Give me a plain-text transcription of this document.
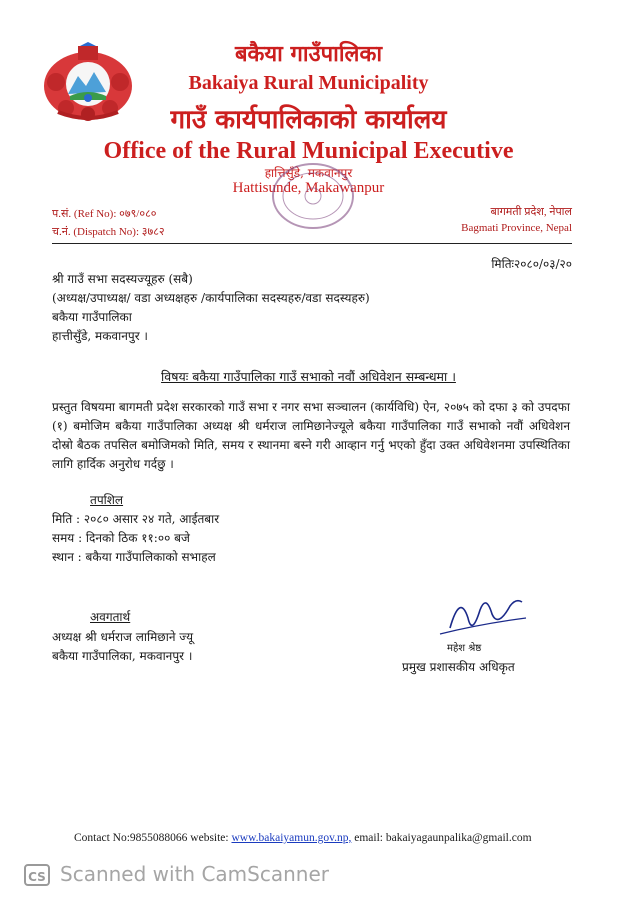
बकैया गाउँपालिका
Bakaiya Rural Municipality
गाउँ कार्यपालिकाको कार्यालय
Office of the Rural Municipal Executive
हात्तिसुँडे, मकवानपुर
Hattisunde, Makawanpur
प.सं. (Ref No): ०७९/०८०
च.नं. (Dispatch No): ३७८२
बागमती प्रदेश, नेपाल
Bagmati Province, Nepal
मितिः२०८०/०३/२०
श्री गाउँ सभा सदस्यज्यूहरु (सबै)
(अध्यक्ष/उपाध्यक्ष/ वडा अध्यक्षहरु /कार्यपालिका सदस्यहरु/वडा सदस्यहरु)
बकैया गाउँपालिका
हात्तीसुँडे, मकवानपुर ।
विषयः बकैया गाउँपालिका गाउँ सभाको नवौं अधिवेशन सम्बन्धमा ।
प्रस्तुत विषयमा बागमती प्रदेश सरकारको गाउँ सभा र नगर सभा सञ्चालन (कार्यविधि) ऐन, २०७५ को दफा ३ को उपदफा (१) बमोजिम बकैया गाउँपालिका अध्यक्ष श्री धर्मराज लामिछानेज्यूले बकैया गाउँपालिका गाउँ सभाको नवौं अधिवेशन दोस्रो बैठक तपसिल बमोजिमको मिति, समय र स्थानमा बस्ने गरी आव्हान गर्नु भएको हुँदा उक्त अधिवेशनमा उपस्थितिका लागि हार्दिक अनुरोध गर्दछु ।
तपशिल
मिति : २०८० असार २४ गते, आईतबार
समय : दिनको ठिक ११:०० बजे
स्थान : बकैया गाउँपालिकाको सभाहल
अवगतार्थ
अध्यक्ष श्री धर्मराज लामिछाने ज्यू
बकैया गाउँपालिका, मकवानपुर ।
महेश श्रेष्ठ
प्रमुख प्रशासकीय अधिकृत
Contact No:9855088066 website: www.bakaiyamun.gov.np, email: bakaiyagaunpalika@gmail.com
CS Scanned with CamScanner
